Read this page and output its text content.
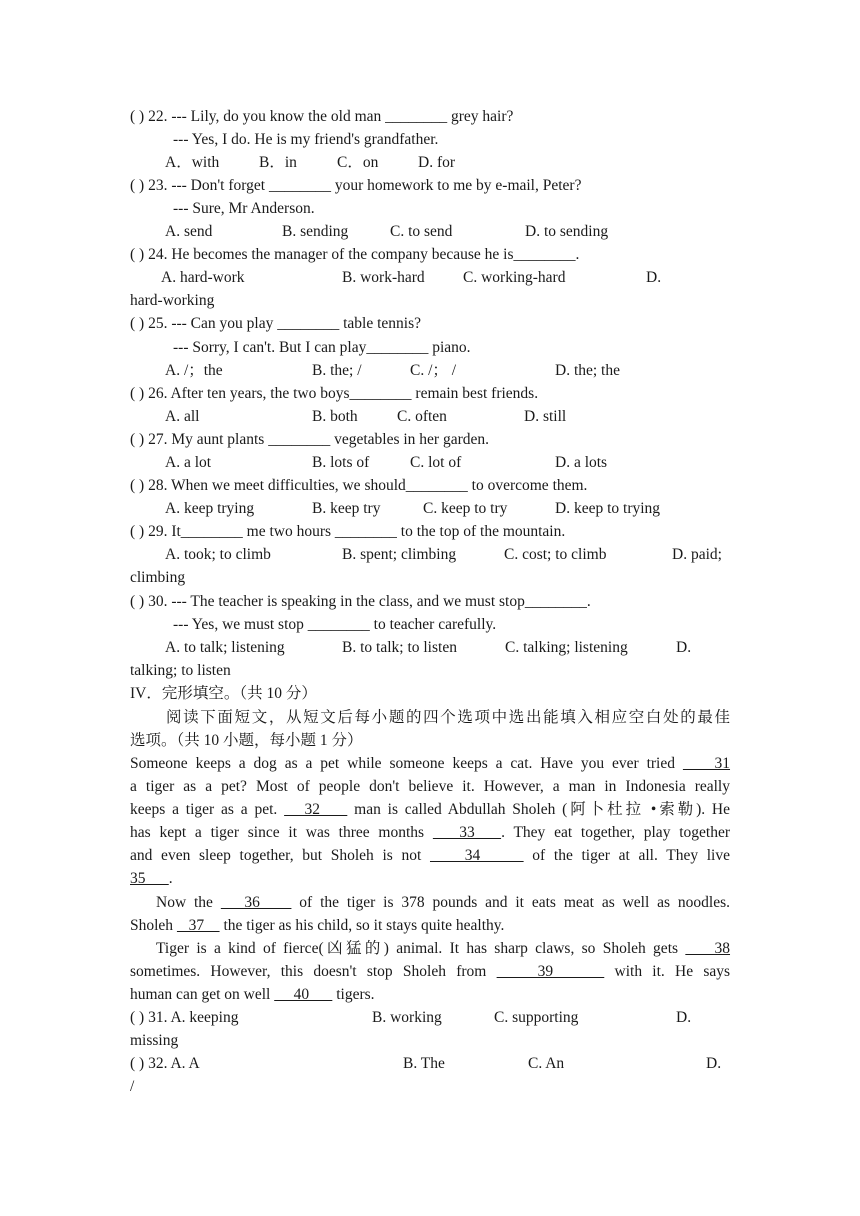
( ) 22. --- Lily, do you know the old man ________ grey hair?
--- Yes, I do. He is my friend's grandfather.
A．with	B．in	C．on	D. for
( ) 23. --- Don't forget ________ your homework to me by e-mail, Peter?
--- Sure, Mr Anderson.
A. send	B. sending	C. to send	D. to sending
( ) 24. He becomes the manager of the company because he is________.
A. hard-work	B. work-hard C. working-hard	D.
hard-working
( ) 25. --- Can you play ________ table tennis?
--- Sorry, I can't. But I can play________ piano.
A. /；the	B. the; /	C. /； /	D. the; the
( ) 26. After ten years, the two boys________ remain best friends.
A. all	B. both	C. often	D. still
( ) 27. My aunt plants ________ vegetables in her garden.
A. a lot	B. lots of	C. lot of	D. a lots
( ) 28. When we meet difficulties, we should________ to overcome them.
A. keep trying	B. keep try	C. keep to try	D. keep to trying
( ) 29. It________ me two hours ________ to the top of the mountain.
A. took; to climb	B. spent; climbing	C. cost; to climb	D. paid;
climbing
( ) 30. --- The teacher is speaking in the class, and we must stop________.
--- Yes, we must stop ________ to teacher carefully.
A. to talk; listening	B. to talk; to listen	C. talking; listening	D.
talking; to listen
IV．完形填空。（共 10 分）
阅读下面短文，从短文后每小题的四个选项中选出能填入相应空白处的最佳
选项。（共 10 小题，每小题 1 分）
Someone keeps a dog as a pet while someone keeps a cat. Have you ever tried     31
a tiger as a pet? Most of people don't believe it. However, a man in Indonesia really
keeps a tiger as a pet.    32     man is called Abdullah Sholeh (阿卜杜拉 •索勒). He
has kept a tiger since it was three months    33   . They eat together, play together
and even sleep together, but Sholeh is not     34      of the tiger at all. They live
35      .
Now the    36     of the tiger is 378 pounds and it eats meat as well as noodles.
Sholeh    37     the tiger as his child, so it stays quite healthy.
Tiger is a kind of fierce(凶猛的) animal. It has sharp claws, so Sholeh gets     38
sometimes. However, this doesn't stop Sholeh from     39      with it. He says
human can get on well      40       tigers.
( ) 31. A. keeping	B. working	C. supporting	D.
missing
( ) 32. A. A	B. The	C. An	D.
/
